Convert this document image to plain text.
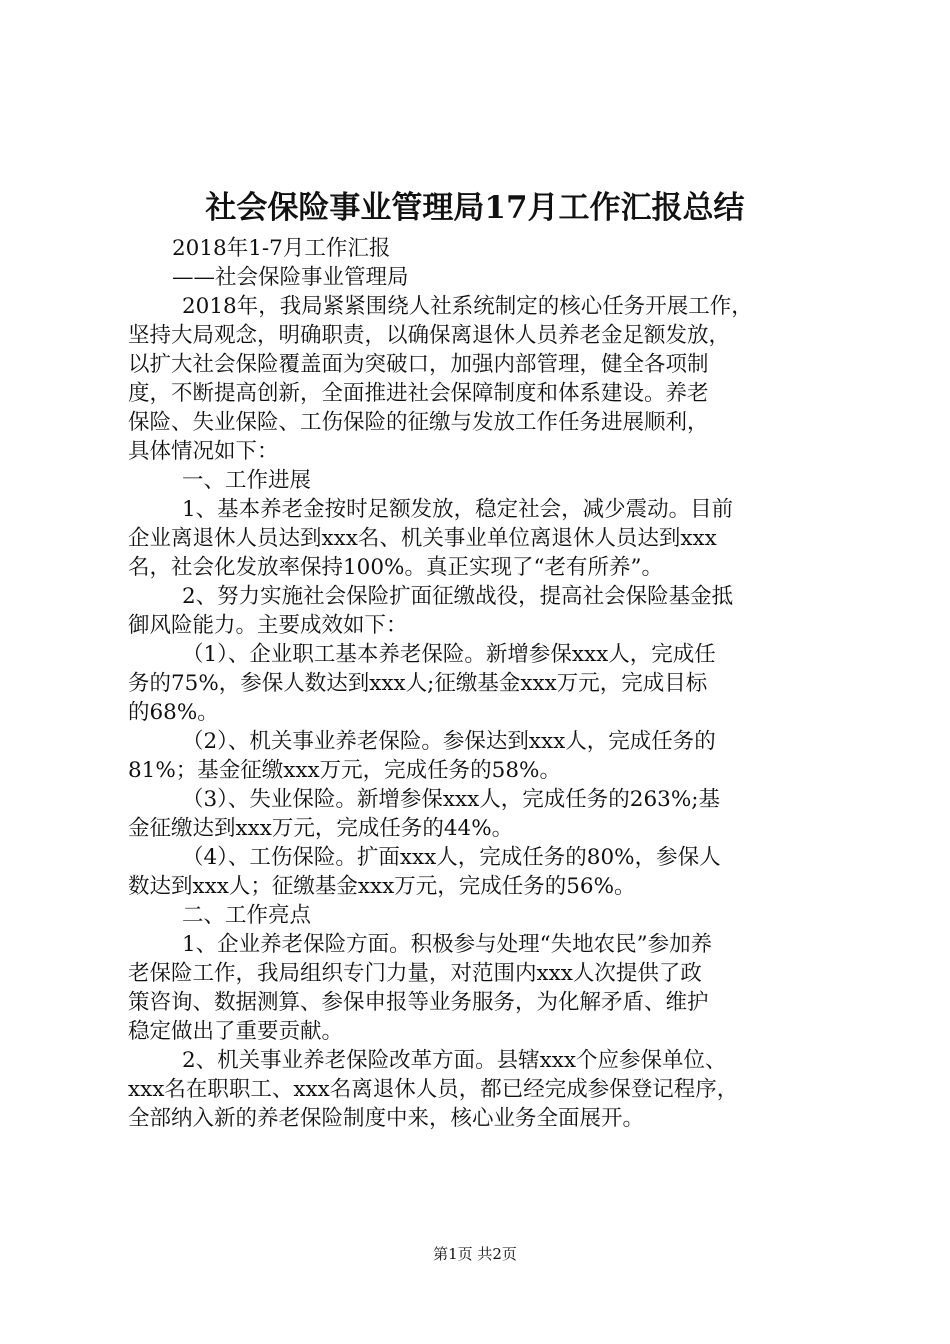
社会保险事业管理局17月工作汇报总结

2018年1-7月工作汇报

——社会保险事业管理局

2018年，我局紧紧围绕人社系统制定的核心任务开展工作，

坚持大局观念，明确职责，以确保离退休人员养老金足额发放，

以扩大社会保险覆盖面为突破口，加强内部管理，健全各项制

度，不断提高创新，全面推进社会保障制度和体系建设。养老

保险、失业保险、工伤保险的征缴与发放工作任务进展顺利，

具体情况如下：

一、工作进展

1、基本养老金按时足额发放，稳定社会，减少震动。目前

企业离退休人员达到xxx名、机关事业单位离退休人员达到xxx

名，社会化发放率保持100%。真正实现了“老有所养”。

2、努力实施社会保险扩面征缴战役，提高社会保险基金抵

御风险能力。主要成效如下：

（1）、企业职工基本养老保险。新增参保xxx人，完成任

务的75%，参保人数达到xxx人;征缴基金xxx万元，完成目标

的68%。

（2）、机关事业养老保险。参保达到xxx人，完成任务的

81%；基金征缴xxx万元，完成任务的58%。

（3）、失业保险。新增参保xxx人，完成任务的263%;基

金征缴达到xxx万元，完成任务的44%。

（4）、工伤保险。扩面xxx人，完成任务的80%，参保人

数达到xxx人；征缴基金xxx万元，完成任务的56%。

二、工作亮点

1、企业养老保险方面。积极参与处理“失地农民”参加养

老保险工作，我局组织专门力量，对范围内xxx人次提供了政

策咨询、数据测算、参保申报等业务服务，为化解矛盾、维护

稳定做出了重要贡献。

2、机关事业养老保险改革方面。县辖xxx个应参保单位、

xxx名在职职工、xxx名离退休人员，都已经完成参保登记程序，

全部纳入新的养老保险制度中来，核心业务全面展开。

第1页 共2页
